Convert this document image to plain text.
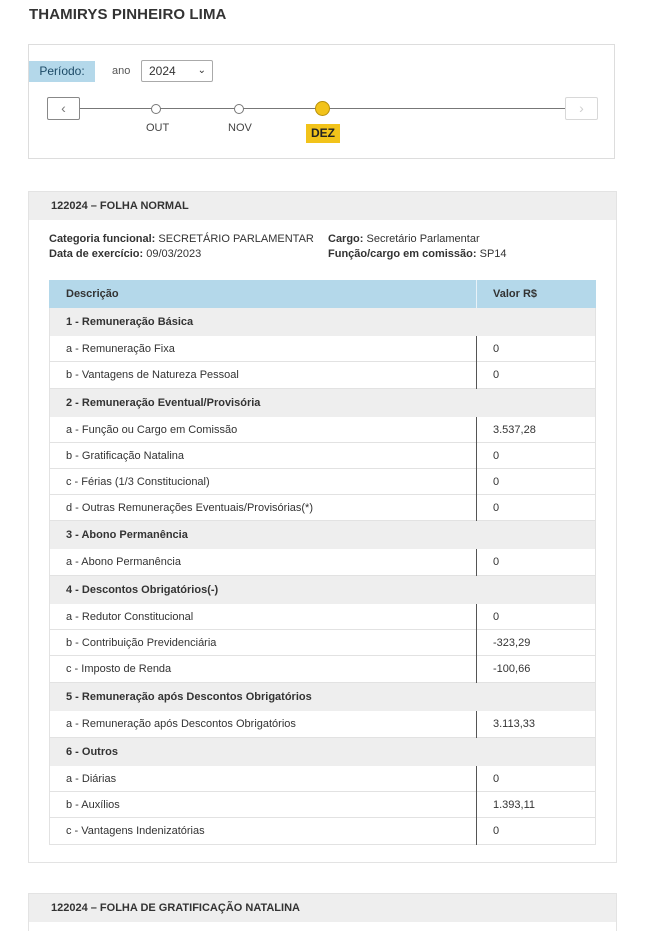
THAMIRYS PINHEIRO LIMA
Período:	ano	2024 ⌄
‹
OUT	NOV	DEZ
›
122024 – FOLHA NORMAL
Categoria funcional: SECRETÁRIO PARLAMENTAR
Data de exercício: 09/03/2023
Cargo: Secretário Parlamentar
Função/cargo em comissão: SP14
Descrição	Valor R$
1 - Remuneração Básica
a - Remuneração Fixa	0
b - Vantagens de Natureza Pessoal	0
2 - Remuneração Eventual/Provisória
a - Função ou Cargo em Comissão	3.537,28
b - Gratificação Natalina	0
c - Férias (1/3 Constitucional)	0
d - Outras Remunerações Eventuais/Provisórias(*)	0
3 - Abono Permanência
a - Abono Permanência	0
4 - Descontos Obrigatórios(-)
a - Redutor Constitucional	0
b - Contribuição Previdenciária	-323,29
c - Imposto de Renda	-100,66
5 - Remuneração após Descontos Obrigatórios
a - Remuneração após Descontos Obrigatórios	3.113,33
6 - Outros
a - Diárias	0
b - Auxílios	1.393,11
c - Vantagens Indenizatórias	0
122024 – FOLHA DE GRATIFICAÇÃO NATALINA
